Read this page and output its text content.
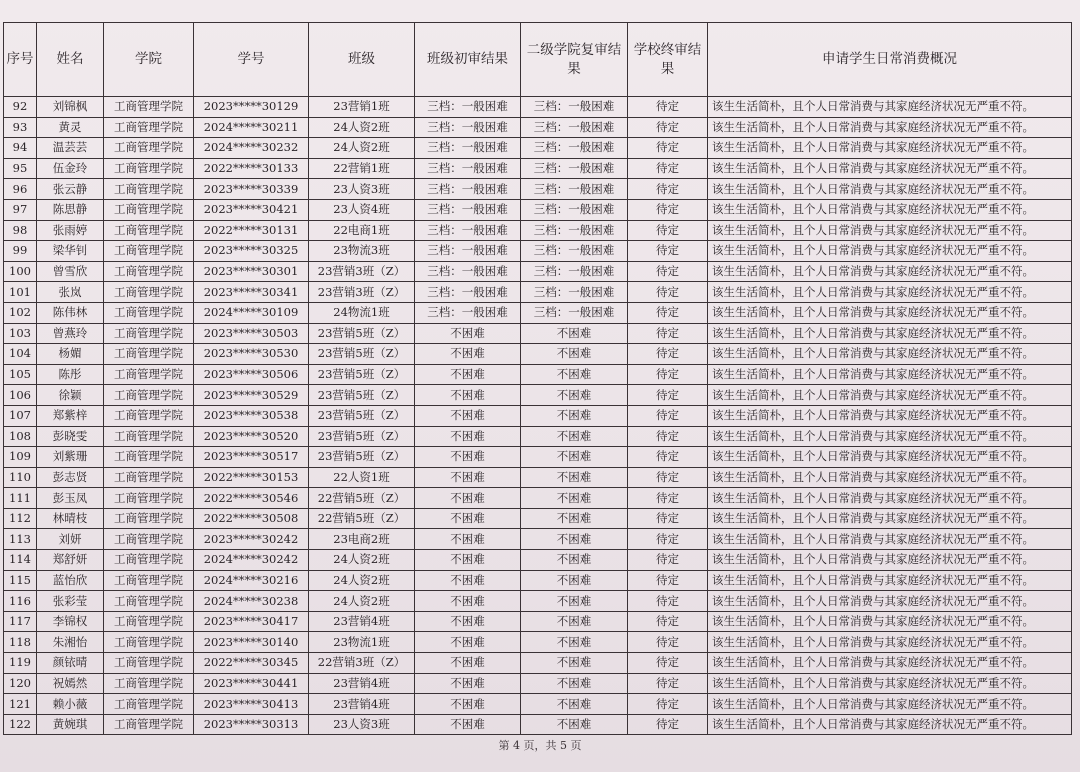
序号	姓名	学院	学号	班级	班级初审结果	二级学院复审结果	学校终审结果	申请学生日常消费概况
92	刘锦枫	工商管理学院	2023*****30129	23营销1班	三档：一般困难	三档：一般困难	待定	该生生活简朴，且个人日常消费与其家庭经济状况无严重不符。
93	黄灵	工商管理学院	2024*****30211	24人资2班	三档：一般困难	三档：一般困难	待定	该生生活简朴，且个人日常消费与其家庭经济状况无严重不符。
94	温芸芸	工商管理学院	2024*****30232	24人资2班	三档：一般困难	三档：一般困难	待定	该生生活简朴，且个人日常消费与其家庭经济状况无严重不符。
95	伍金玲	工商管理学院	2022*****30133	22营销1班	三档：一般困难	三档：一般困难	待定	该生生活简朴，且个人日常消费与其家庭经济状况无严重不符。
96	张云静	工商管理学院	2023*****30339	23人资3班	三档：一般困难	三档：一般困难	待定	该生生活简朴，且个人日常消费与其家庭经济状况无严重不符。
97	陈思静	工商管理学院	2023*****30421	23人资4班	三档：一般困难	三档：一般困难	待定	该生生活简朴，且个人日常消费与其家庭经济状况无严重不符。
98	张雨婷	工商管理学院	2022*****30131	22电商1班	三档：一般困难	三档：一般困难	待定	该生生活简朴，且个人日常消费与其家庭经济状况无严重不符。
99	梁华钊	工商管理学院	2023*****30325	23物流3班	三档：一般困难	三档：一般困难	待定	该生生活简朴，且个人日常消费与其家庭经济状况无严重不符。
100	曾雪欣	工商管理学院	2023*****30301	23营销3班（Z）	三档：一般困难	三档：一般困难	待定	该生生活简朴，且个人日常消费与其家庭经济状况无严重不符。
101	张岚	工商管理学院	2023*****30341	23营销3班（Z）	三档：一般困难	三档：一般困难	待定	该生生活简朴，且个人日常消费与其家庭经济状况无严重不符。
102	陈伟林	工商管理学院	2024*****30109	24物流1班	三档：一般困难	三档：一般困难	待定	该生生活简朴，且个人日常消费与其家庭经济状况无严重不符。
103	曾燕玲	工商管理学院	2023*****30503	23营销5班（Z）	不困难	不困难	待定	该生生活简朴，且个人日常消费与其家庭经济状况无严重不符。
104	杨媚	工商管理学院	2023*****30530	23营销5班（Z）	不困难	不困难	待定	该生生活简朴，且个人日常消费与其家庭经济状况无严重不符。
105	陈彤	工商管理学院	2023*****30506	23营销5班（Z）	不困难	不困难	待定	该生生活简朴，且个人日常消费与其家庭经济状况无严重不符。
106	徐颖	工商管理学院	2023*****30529	23营销5班（Z）	不困难	不困难	待定	该生生活简朴，且个人日常消费与其家庭经济状况无严重不符。
107	郑紫梓	工商管理学院	2023*****30538	23营销5班（Z）	不困难	不困难	待定	该生生活简朴，且个人日常消费与其家庭经济状况无严重不符。
108	彭晓雯	工商管理学院	2023*****30520	23营销5班（Z）	不困难	不困难	待定	该生生活简朴，且个人日常消费与其家庭经济状况无严重不符。
109	刘紫珊	工商管理学院	2023*****30517	23营销5班（Z）	不困难	不困难	待定	该生生活简朴，且个人日常消费与其家庭经济状况无严重不符。
110	彭志贤	工商管理学院	2022*****30153	22人资1班	不困难	不困难	待定	该生生活简朴，且个人日常消费与其家庭经济状况无严重不符。
111	彭玉凤	工商管理学院	2022*****30546	22营销5班（Z）	不困难	不困难	待定	该生生活简朴，且个人日常消费与其家庭经济状况无严重不符。
112	林晴枝	工商管理学院	2022*****30508	22营销5班（Z）	不困难	不困难	待定	该生生活简朴，且个人日常消费与其家庭经济状况无严重不符。
113	刘妍	工商管理学院	2023*****30242	23电商2班	不困难	不困难	待定	该生生活简朴，且个人日常消费与其家庭经济状况无严重不符。
114	郑舒妍	工商管理学院	2024*****30242	24人资2班	不困难	不困难	待定	该生生活简朴，且个人日常消费与其家庭经济状况无严重不符。
115	蓝怡欣	工商管理学院	2024*****30216	24人资2班	不困难	不困难	待定	该生生活简朴，且个人日常消费与其家庭经济状况无严重不符。
116	张彩莹	工商管理学院	2024*****30238	24人资2班	不困难	不困难	待定	该生生活简朴，且个人日常消费与其家庭经济状况无严重不符。
117	李锦权	工商管理学院	2023*****30417	23营销4班	不困难	不困难	待定	该生生活简朴，且个人日常消费与其家庭经济状况无严重不符。
118	朱湘怡	工商管理学院	2023*****30140	23物流1班	不困难	不困难	待定	该生生活简朴，且个人日常消费与其家庭经济状况无严重不符。
119	颜铱晴	工商管理学院	2022*****30345	22营销3班（Z）	不困难	不困难	待定	该生生活简朴，且个人日常消费与其家庭经济状况无严重不符。
120	祝嫣然	工商管理学院	2023*****30441	23营销4班	不困难	不困难	待定	该生生活简朴，且个人日常消费与其家庭经济状况无严重不符。
121	赖小薇	工商管理学院	2023*****30413	23营销4班	不困难	不困难	待定	该生生活简朴，且个人日常消费与其家庭经济状况无严重不符。
122	黄婉琪	工商管理学院	2023*****30313	23人资3班	不困难	不困难	待定	该生生活简朴，且个人日常消费与其家庭经济状况无严重不符。
第 4 页，共 5 页
